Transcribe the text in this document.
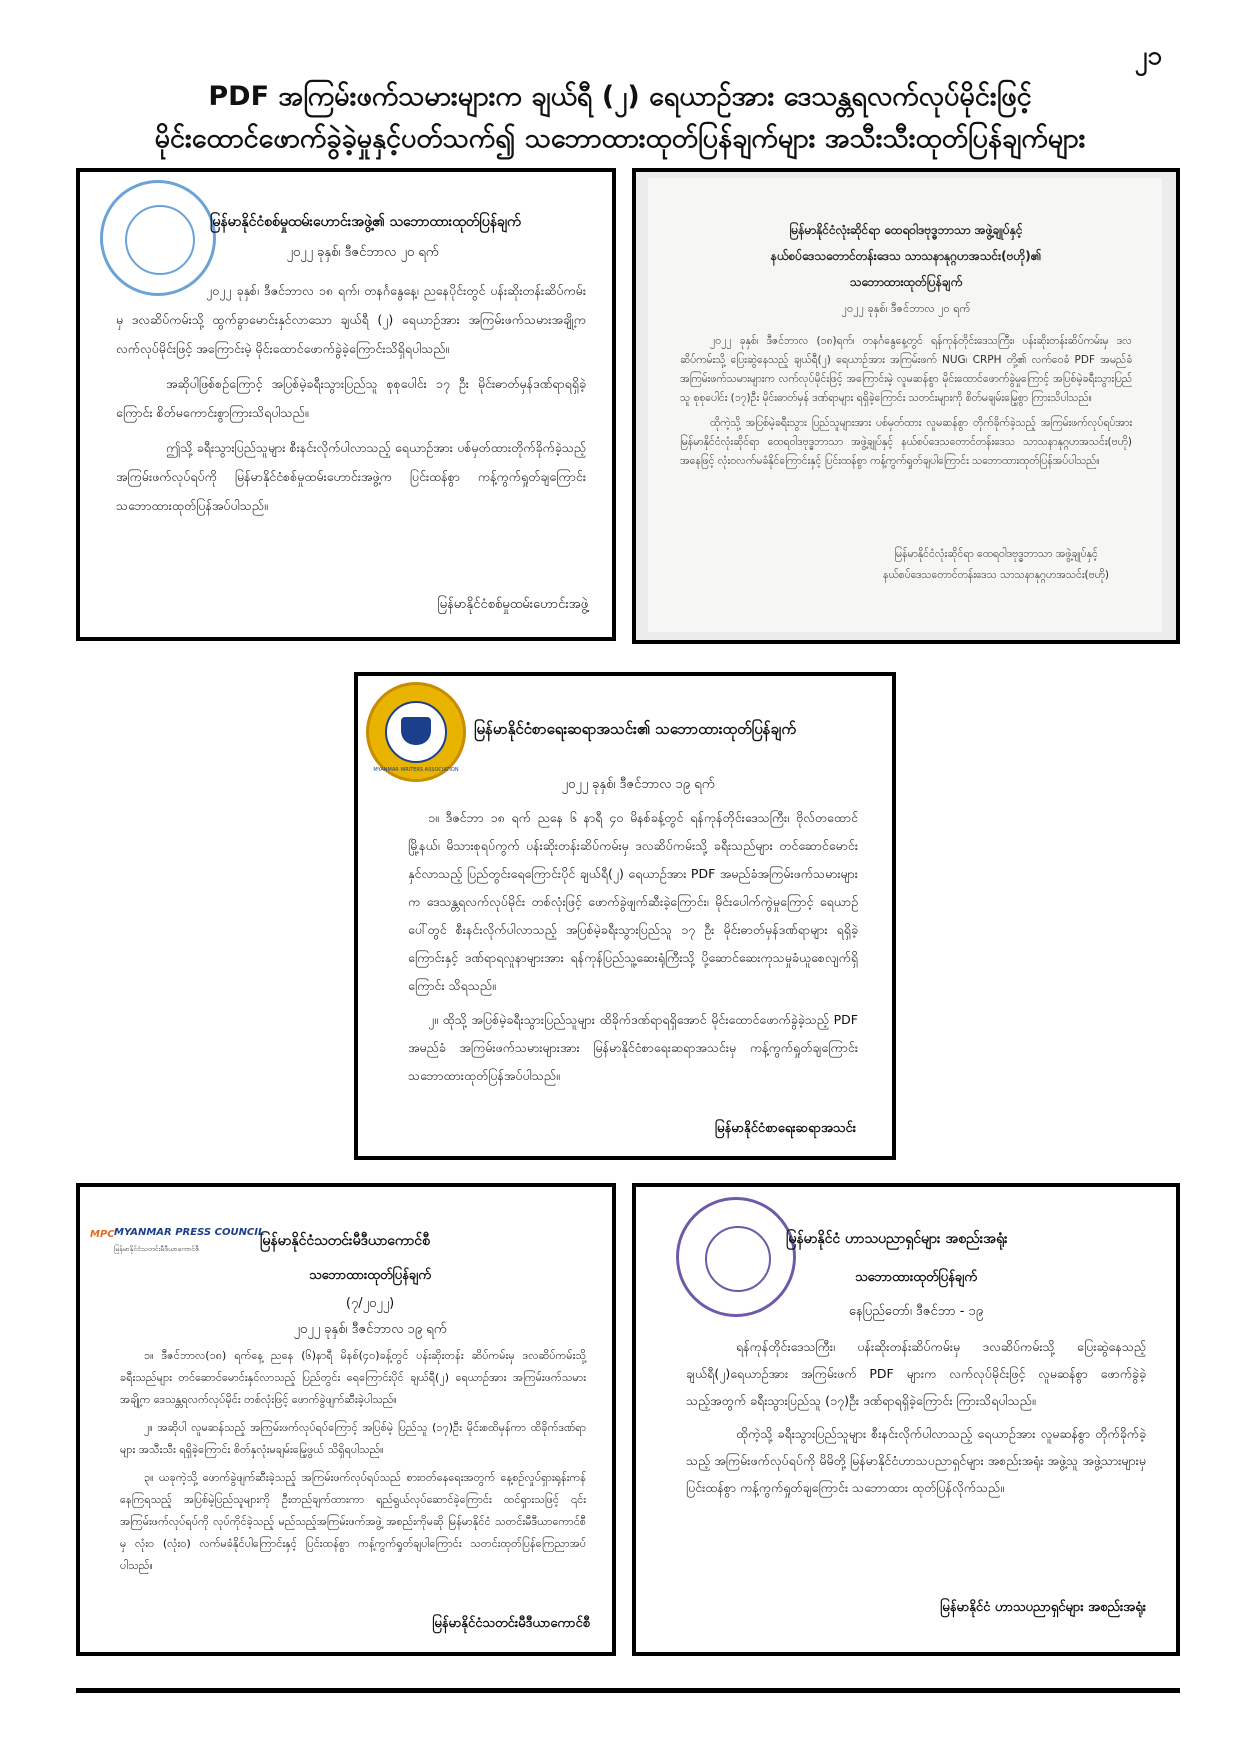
၂၁
PDF အကြမ်းဖက်သမားများက ချယ်ရီ (၂) ရေယာဉ်အား ဒေသန္တရလက်လုပ်မိုင်းဖြင့်
မိုင်းထောင်ဖောက်ခွဲခဲ့မှုနှင့်ပတ်သက်၍ သဘောထားထုတ်ပြန်ချက်များ အသီးသီးထုတ်ပြန်ချက်များ
မြန်မာနိုင်ငံစစ်မှုထမ်းဟောင်းအဖွဲ့၏ သဘောထားထုတ်ပြန်ချက်
၂၀၂၂ ခုနှစ်၊ ဒီဇင်ဘာလ ၂၀ ရက်

၂၀၂၂ ခုနှစ်၊ ဒီဇင်ဘာလ ၁၈ ရက်၊ တနင်္ဂနွေနေ့၊ ညနေပိုင်းတွင် ပန်းဆိုးတန်းဆိပ်ကမ်းမှ ဒလဆိပ်ကမ်းသို့ ထွက်ခွာမောင်းနှင်လာသော ချယ်ရီ (၂) ရေယာဉ်အား အကြမ်းဖက်သမားအချို့က လက်လုပ်မိုင်းဖြင့် အကြောင်းမဲ့ မိုင်းထောင်ဖောက်ခွဲခဲ့ကြောင်းသိရှိရပါသည်။

အဆိုပါဖြစ်စဉ်ကြောင့် အပြစ်မဲ့ခရီးသွားပြည်သူ စုစုပေါင်း ၁၇ ဦး မိုင်းဓာတ်မှန်ဒဏ်ရာရရှိခဲ့ကြောင်း စိတ်မကောင်းစွာကြားသိရပါသည်။

ဤသို့ ခရီးသွားပြည်သူများ စီးနင်းလိုက်ပါလာသည့် ရေယာဉ်အား ပစ်မှတ်ထားတိုက်ခိုက်ခဲ့သည့် အကြမ်းဖက်လုပ်ရပ်ကို မြန်မာနိုင်ငံစစ်မှုထမ်းဟောင်းအဖွဲ့က ပြင်းထန်စွာ ကန့်ကွက်ရှုတ်ချကြောင်း သဘောထားထုတ်ပြန်အပ်ပါသည်။

မြန်မာနိုင်ငံစစ်မှုထမ်းဟောင်းအဖွဲ့
မြန်မာနိုင်ငံလုံးဆိုင်ရာ ထေရဝါဒဗုဒ္ဓဘာသာ အဖွဲ့ချုပ်နှင့်
နယ်စပ်ဒေသတောင်တန်းဒေသ သာသနာနုဂ္ဂဟအသင်း(ဗဟို)၏
သဘောထားထုတ်ပြန်ချက်
၂၀၂၂ ခုနှစ်၊ ဒီဇင်ဘာလ ၂၀ ရက်

၂၀၂၂ ခုနှစ်၊ ဒီဇင်ဘာလ (၁၈)ရက်၊ တနင်္ဂနွေနေ့တွင် ရန်ကုန်တိုင်းဒေသကြီး၊ ပန်းဆိုးတန်းဆိပ်ကမ်းမှ ဒလဆိပ်ကမ်းသို့ ပြေးဆွဲနေသည့် ချယ်ရီ(၂) ရေယာဉ်အား အကြမ်းဖက် NUG၊ CRPH တို့၏ လက်ဝေခံ PDF အမည်ခံ အကြမ်းဖက်သမားများက လက်လုပ်မိုင်းဖြင့် အကြောင်းမဲ့ လူမဆန်စွာ မိုင်းထောင်ဖောက်ခွဲမှုကြောင့် အပြစ်မဲ့ခရီးသွားပြည်သူ စုစုပေါင်း (၁၇)ဦး မိုင်းဓာတ်မှန် ဒဏ်ရာများ ရရှိခဲ့ကြောင်း သတင်းများကို စိတ်မချမ်းမြေ့စွာ ကြားသိပါသည်။

ထိုကဲ့သို့ အပြစ်မဲ့ခရီးသွား ပြည်သူများအား ပစ်မှတ်ထား လူမဆန်စွာ တိုက်ခိုက်ခဲ့သည့် အကြမ်းဖက်လုပ်ရပ်အား မြန်မာနိုင်ငံလုံးဆိုင်ရာ ထေရဝါဒဗုဒ္ဓဘာသာ အဖွဲ့ချုပ်နှင့် နယ်စပ်ဒေသတောင်တန်းဒေသ သာသနာနုဂ္ဂဟအသင်း(ဗဟို) အနေဖြင့် လုံးဝလက်မခံနိုင်ကြောင်းနှင့် ပြင်းထန်စွာ ကန့်ကွက်ရှုတ်ချပါကြောင်း သဘောထားထုတ်ပြန်အပ်ပါသည်။

မြန်မာနိုင်ငံလုံးဆိုင်ရာ ထေရဝါဒဗုဒ္ဓဘာသာ အဖွဲ့ချုပ်နှင့်
နယ်စပ်ဒေသတောင်တန်းဒေသ သာသနာနုဂ္ဂဟအသင်း(ဗဟို)
MYANMAR WRITERS ASSOCIATION
မြန်မာနိုင်ငံစာရေးဆရာအသင်း၏ သဘောထားထုတ်ပြန်ချက်
၂၀၂၂ ခုနှစ်၊ ဒီဇင်ဘာလ ၁၉ ရက်

၁။ ဒီဇင်ဘာ ၁၈ ရက် ညနေ ၆ နာရီ ၄၀ မိနစ်ခန့်တွင် ရန်ကုန်တိုင်းဒေသကြီး၊ ဗိုလ်တထောင်မြို့နယ်၊ မိသားစုရပ်ကွက် ပန်းဆိုးတန်းဆိပ်ကမ်းမှ ဒလဆိပ်ကမ်းသို့ ခရီးသည်များ တင်ဆောင်မောင်းနှင်လာသည့် ပြည်တွင်းရေကြောင်းပိုင် ချယ်ရီ(၂) ရေယာဉ်အား PDF အမည်ခံအကြမ်းဖက်သမားများက ဒေသန္တရလက်လုပ်မိုင်း တစ်လုံးဖြင့် ဖောက်ခွဲဖျက်ဆီးခဲ့ကြောင်း၊ မိုင်းပေါက်ကွဲမှုကြောင့် ရေယာဉ်ပေါ်တွင် စီးနင်းလိုက်ပါလာသည့် အပြစ်မဲ့ခရီးသွားပြည်သူ ၁၇ ဦး မိုင်းဓာတ်မှန်ဒဏ်ရာများ ရရှိခဲ့ကြောင်းနှင့် ဒဏ်ရာရလူနာများအား ရန်ကုန်ပြည်သူ့ဆေးရုံကြီးသို့ ပို့ဆောင်ဆေးကုသမှုခံယူစေလျက်ရှိကြောင်း သိရသည်။

၂။ ထိုသို့ အပြစ်မဲ့ခရီးသွားပြည်သူများ ထိခိုက်ဒဏ်ရာရရှိအောင် မိုင်းထောင်ဖောက်ခွဲခဲ့သည့် PDF အမည်ခံ အကြမ်းဖက်သမားများအား မြန်မာနိုင်ငံစာရေးဆရာအသင်းမှ ကန့်ကွက်ရှုတ်ချကြောင်း သဘောထားထုတ်ပြန်အပ်ပါသည်။

မြန်မာနိုင်ငံစာရေးဆရာအသင်း
MPC MYANMAR PRESS COUNCIL
မြန်မာနိုင်ငံသတင်းမီဒီယာကောင်စီ	မြန်မာနိုင်ငံသတင်းမီဒီယာကောင်စီ
သဘောထားထုတ်ပြန်ချက်
(၇/၂၀၂၂)
၂၀၂၂ ခုနှစ်၊ ဒီဇင်ဘာလ ၁၉ ရက်

၁။ ဒီဇင်ဘာလ(၁၈) ရက်နေ့ ညနေ (၆)နာရီ မိနစ်(၄၀)ခန့်တွင် ပန်းဆိုးတန်း ဆိပ်ကမ်းမှ ဒလဆိပ်ကမ်းသို့ ခရီးသည်များ တင်ဆောင်မောင်းနှင်လာသည့် ပြည်တွင်း ရေကြောင်းပိုင် ချယ်ရီ(၂) ရေယာဉ်အား အကြမ်းဖက်သမားအချို့က ဒေသန္တရလက်လုပ်မိုင်း တစ်လုံးဖြင့် ဖောက်ခွဲဖျက်ဆီးခဲ့ပါသည်။

၂။ အဆိုပါ လူမဆန်သည့် အကြမ်းဖက်လုပ်ရပ်ကြောင့် အပြစ်မဲ့ ပြည်သူ (၁၇)ဦး မိုင်းစထိမှန်ကာ ထိခိုက်ဒဏ်ရာများ အသီးသီး ရရှိခဲ့ကြောင်း စိတ်နှလုံးမချမ်းမြေ့ဖွယ် သိရှိရပါသည်။

၃။ ယခုကဲ့သို့ ဖောက်ခွဲဖျက်ဆီးခဲ့သည့် အကြမ်းဖက်လုပ်ရပ်သည် စားဝတ်နေရေးအတွက် နေ့စဉ်လှုပ်ရှားရုန်းကန်နေကြရသည့် အပြစ်မဲ့ပြည်သူများကို ဦးတည်ချက်ထားကာ ရည်ရွယ်လုပ်ဆောင်ခဲ့ကြောင်း ထင်ရှားသဖြင့် ၎င်းအကြမ်းဖက်လုပ်ရပ်ကို လုပ်ကိုင်ခဲ့သည့် မည်သည့်အကြမ်းဖက်အဖွဲ့ အစည်းကိုမဆို မြန်မာနိုင်ငံ သတင်းမီဒီယာကောင်စီမှ လုံးဝ (လုံးဝ) လက်မခံနိုင်ပါကြောင်းနှင့် ပြင်းထန်စွာ ကန့်ကွက်ရှုတ်ချပါကြောင်း သတင်းထုတ်ပြန်ကြေညာအပ်ပါသည်။

မြန်မာနိုင်ငံသတင်းမီဒီယာကောင်စီ
မြန်မာနိုင်ငံ ဟာသပညာရှင်များ အစည်းအရုံး
သဘောထားထုတ်ပြန်ချက်
နေပြည်တော်၊ ဒီဇင်ဘာ - ၁၉

ရန်ကုန်တိုင်းဒေသကြီး၊ ပန်းဆိုးတန်းဆိပ်ကမ်းမှ ဒလဆိပ်ကမ်းသို့ ပြေးဆွဲနေသည့် ချယ်ရီ(၂)ရေယာဉ်အား အကြမ်းဖက် PDF များက လက်လုပ်မိုင်းဖြင့် လူမဆန်စွာ ဖောက်ခွဲခဲ့သည့်အတွက် ခရီးသွားပြည်သူ (၁၇)ဦး ဒဏ်ရာရရှိခဲ့ကြောင်း ကြားသိရပါသည်။

ထိုကဲ့သို့ ခရီးသွားပြည်သူများ စီးနင်းလိုက်ပါလာသည့် ရေယာဉ်အား လူမဆန်စွာ တိုက်ခိုက်ခဲ့သည့် အကြမ်းဖက်လုပ်ရပ်ကို မိမိတို့ မြန်မာနိုင်ငံဟာသပညာရှင်များ အစည်းအရုံး အဖွဲ့သူ အဖွဲ့သားများမှ ပြင်းထန်စွာ ကန့်ကွက်ရှုတ်ချကြောင်း သဘောထား ထုတ်ပြန်လိုက်သည်။

မြန်မာနိုင်ငံ ဟာသပညာရှင်များ အစည်းအရုံး
